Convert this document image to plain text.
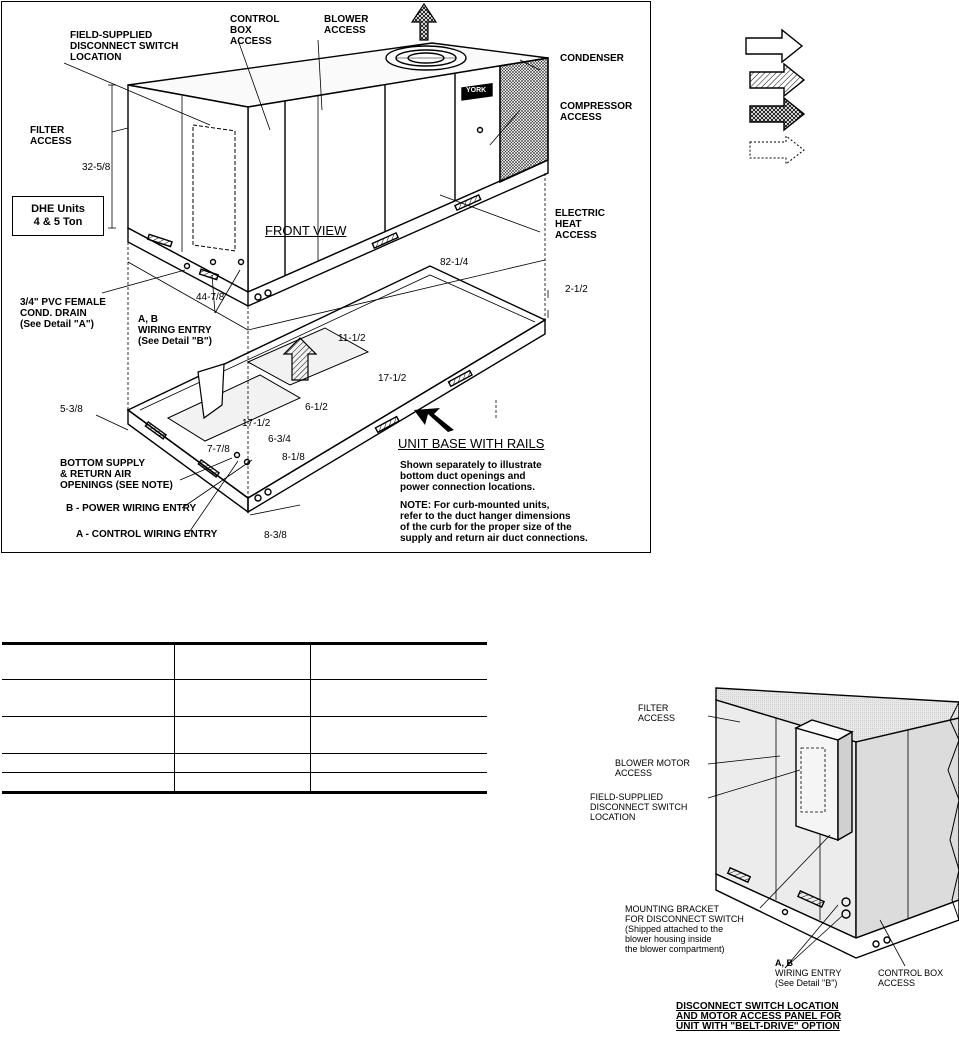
FIELD-SUPPLIED
DISCONNECT SWITCH
LOCATION
CONTROL
BOX
ACCESS
BLOWER
ACCESS
CONDENSER
COMPRESSOR
ACCESS
FILTER
ACCESS
32-5/8
DHE Units
4 & 5 Ton
FRONT VIEW
ELECTRIC
HEAT
ACCESS
82-1/4
2-1/2
44-7/8
3/4" PVC FEMALE
COND. DRAIN
(See Detail "A")	A, B
WIRING ENTRY
(See Detail "B")	11-1/2
17-1/2
6-1/2
5-3/8
17-1/2
6-3/4
7-7/8
8-1/8
UNIT BASE WITH RAILS
Shown separately to illustrate
bottom duct openings and
power connection locations.
NOTE: For curb-mounted units,
refer to the duct hanger dimensions
of the curb for the proper size of the
supply and return air duct connections.
BOTTOM SUPPLY
& RETURN AIR
OPENINGS (SEE NOTE)
B - POWER WIRING ENTRY
A - CONTROL WIRING ENTRY	8-3/8
YORK

FILTER
ACCESS
BLOWER MOTOR
ACCESS
FIELD-SUPPLIED
DISCONNECT SWITCH
LOCATION
MOUNTING BRACKET
FOR DISCONNECT SWITCH
(Shipped attached to the
blower housing inside
the blower compartment)
A, B
WIRING ENTRY
(See Detail "B")
CONTROL BOX
ACCESS
DISCONNECT SWITCH LOCATION
AND MOTOR ACCESS PANEL FOR
UNIT WITH "BELT-DRIVE" OPTION
